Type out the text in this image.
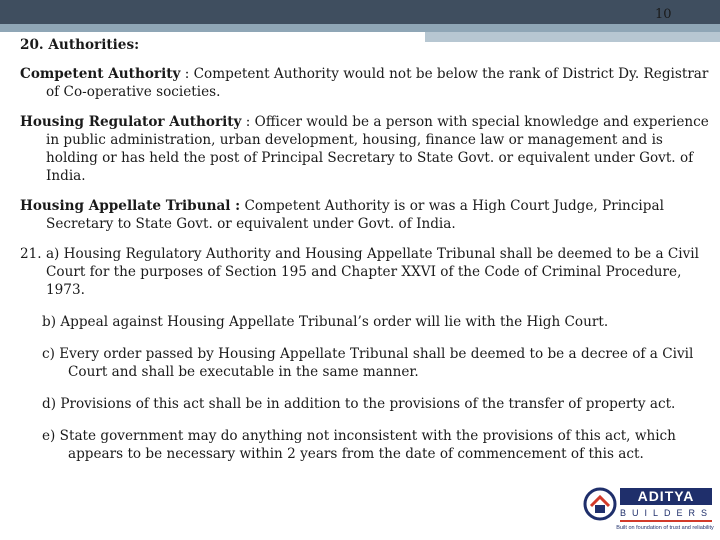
10

20. Authorities:

Competent Authority : Competent Authority would not be below the rank of District Dy. Registrar of Co-operative societies.

Housing Regulator Authority : Officer would be a person with special knowledge and experience in public administration, urban development, housing, finance law or management and is holding or has held the post of Principal Secretary to State Govt. or equivalent under Govt. of India.

Housing Appellate Tribunal : Competent Authority is or was a High Court Judge, Principal Secretary to State Govt. or equivalent under Govt. of India.

21. a) Housing Regulatory Authority and Housing Appellate Tribunal shall be deemed to be a Civil Court for the purposes of Section 195 and Chapter XXVI of the Code of Criminal Procedure, 1973.

b) Appeal against Housing Appellate Tribunal’s order will lie with the High Court.

c) Every order passed by Housing Appellate Tribunal shall be deemed to be a decree of a Civil Court and shall be executable in the same manner.

d) Provisions of this act shall be in addition to the provisions of the transfer of property act.

e) State government may do anything not inconsistent with the provisions of this act, which appears to be necessary within 2 years from the date of commencement of this act.

ADITYA
BUILDERS
Built on foundation of trust and reliability
